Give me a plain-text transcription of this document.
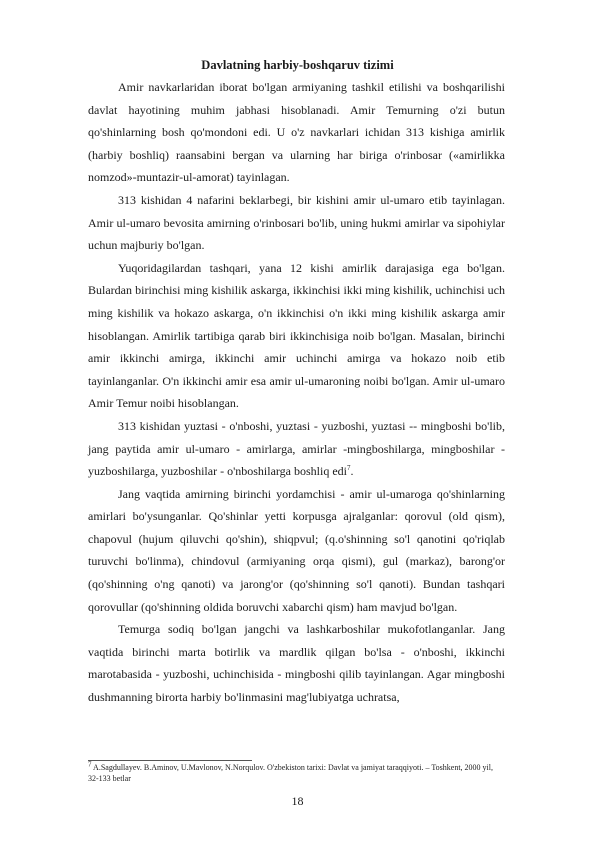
Davlatning harbiy-boshqaruv tizimi

Amir navkarlaridan iborat bo'lgan armiyaning tashkil etilishi va boshqarilishi davlat hayotining muhim jabhasi hisoblanadi. Amir Temurning o'zi butun qo'shinlarning bosh qo'mondoni edi. U o'z navkarlari ichidan 313 kishiga amirlik (harbiy boshliq) raansabini bergan va ularning har biriga o'rinbosar («amirlikka nomzod»-muntazir-ul-amorat) tayinlagan.

313 kishidan 4 nafarini beklarbegi, bir kishini amir ul-umaro etib tayinlagan. Amir ul-umaro bevosita amirning o'rinbosari bo'lib, uning hukmi amirlar va sipohiylar uchun majburiy bo'lgan.

Yuqoridagilardan tashqari, yana 12 kishi amirlik darajasiga ega bo'lgan. Bulardan birinchisi ming kishilik askarga, ikkinchisi ikki ming kishilik, uchinchisi uch ming kishilik va hokazo askarga, o'n ikkinchisi o'n ikki ming kishilik askarga amir hisoblangan. Amirlik tartibiga qarab biri ikkinchisiga noib bo'lgan. Masalan, birinchi amir ikkinchi amirga, ikkinchi amir uchinchi amirga va hokazo noib etib tayinlanganlar. O'n ikkinchi amir esa amir ul-umaroning noibi bo'lgan. Amir ul-umaro Amir Temur noibi hisoblangan.

313 kishidan yuztasi - o'nboshi, yuztasi - yuzboshi, yuztasi -- mingboshi bo'lib, jang paytida amir ul-umaro - amirlarga, amirlar -mingboshilarga, mingboshilar - yuzboshilarga, yuzboshilar - o'nboshilarga boshliq edi$^7$.

Jang vaqtida amirning birinchi yordamchisi - amir ul-umaroga qo'shinlarning amirlari bo'ysunganlar. Qo'shinlar yetti korpusga ajralganlar: qorovul (old qism), chapovul (hujum qiluvchi qo'shin), shiqpvul; (q.o'shinning so'l qanotini qo'riqlab turuvchi bo'linma), chindovul (armiyaning orqa qismi), gul (markaz), barong'or (qo'shinning o'ng qanoti) va jarong'or (qo'shinning so'l qanoti). Bundan tashqari qorovullar (qo'shinning oldida boruvchi xabarchi qism) ham mavjud bo'lgan.

Temurga sodiq bo'lgan jangchi va lashkarboshilar mukofotlanganlar. Jang vaqtida birinchi marta botirlik va mardlik qilgan bo'lsa - o'nboshi, ikkinchi marotabasida - yuzboshi, uchinchisida - mingboshi qilib tayinlangan. Agar mingboshi dushmanning birorta harbiy bo'linmasini mag'lubiyatga uchratsa,

$^7$ A.Sagdullayev. B.Aminov, U.Mavlonov, N.Norqulov. O'zbekiston tarixi: Davlat va jamiyat taraqqiyoti. – Toshkent, 2000 yil, 32-133 betlar
18
